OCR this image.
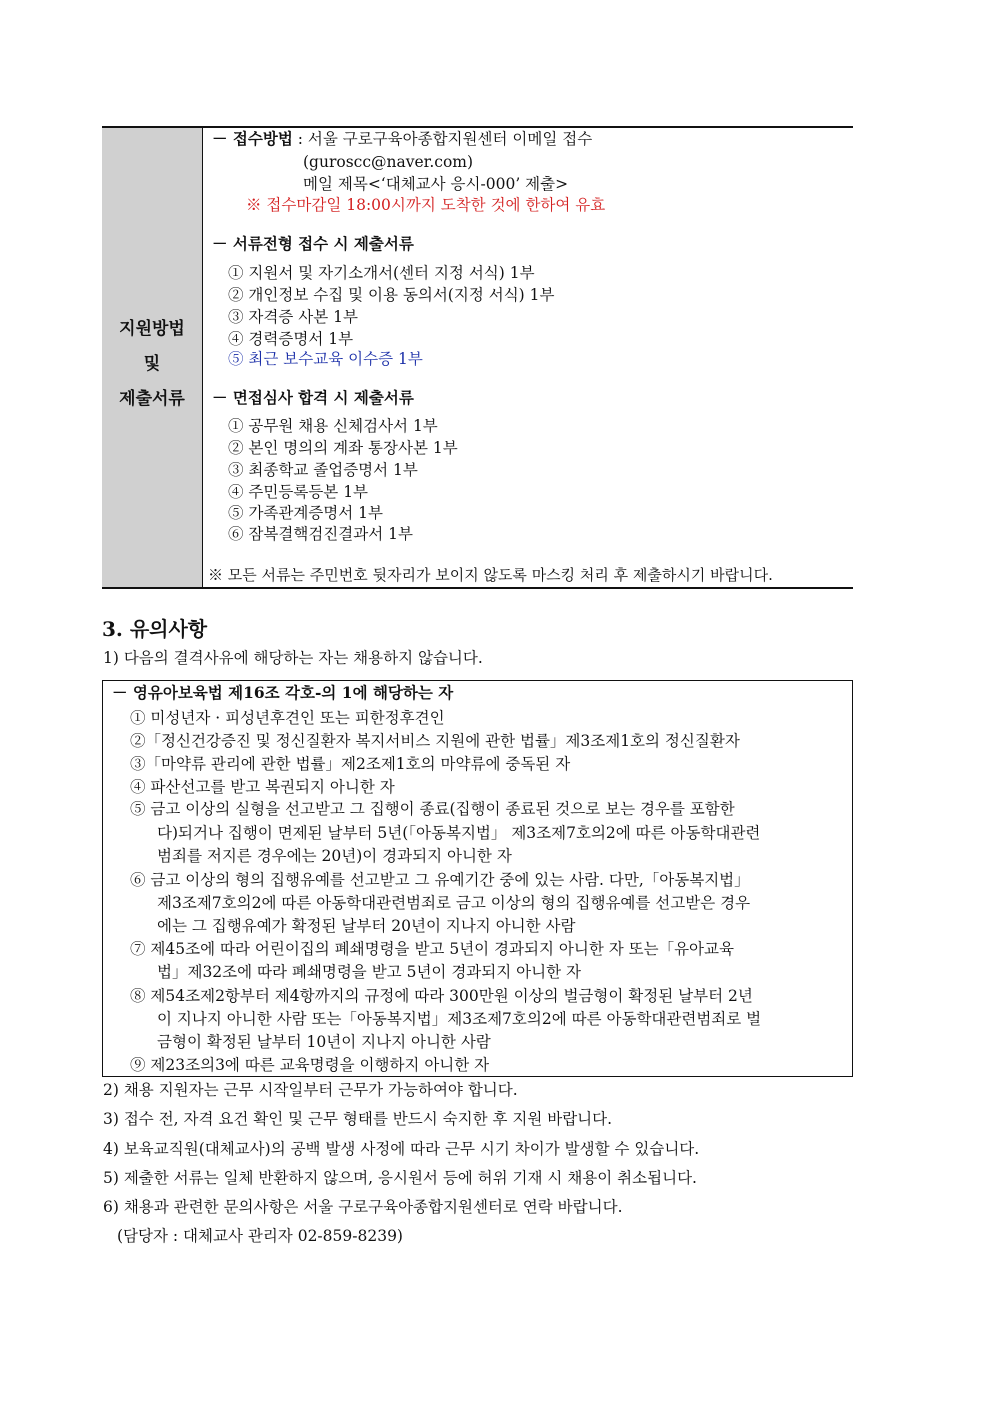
지원방법
및
제출서류
－ 접수방법 : 서울 구로구육아종합지원센터 이메일 접수
(guroscc@naver.com)
메일 제목<‘대체교사 응시-000’ 제출>
※ 접수마감일 18:00시까지 도착한 것에 한하여 유효
－ 서류전형 접수 시 제출서류
① 지원서 및 자기소개서(센터 지정 서식) 1부
② 개인정보 수집 및 이용 동의서(지정 서식) 1부
③ 자격증 사본 1부
④ 경력증명서 1부
⑤ 최근 보수교육 이수증 1부
－ 면접심사 합격 시 제출서류
① 공무원 채용 신체검사서 1부
② 본인 명의의 계좌 통장사본 1부
③ 최종학교 졸업증명서 1부
④ 주민등록등본 1부
⑤ 가족관계증명서 1부
⑥ 잠복결핵검진결과서 1부
※ 모든 서류는 주민번호 뒷자리가 보이지 않도록 마스킹 처리 후 제출하시기 바랍니다.
3. 유의사항
1) 다음의 결격사유에 해당하는 자는 채용하지 않습니다.
－ 영유아보육법 제16조 각호-의 1에 해당하는 자
① 미성년자 · 피성년후견인 또는 피한정후견인
②「정신건강증진 및 정신질환자 복지서비스 지원에 관한 법률」제3조제1호의 정신질환자
③「마약류 관리에 관한 법률」제2조제1호의 마약류에 중독된 자
④ 파산선고를 받고 복권되지 아니한 자
⑤ 금고 이상의 실형을 선고받고 그 집행이 종료(집행이 종료된 것으로 보는 경우를 포함한
다)되거나 집행이 면제된 날부터 5년(「아동복지법」 제3조제7호의2에 따른 아동학대관련
범죄를 저지른 경우에는 20년)이 경과되지 아니한 자
⑥ 금고 이상의 형의 집행유예를 선고받고 그 유예기간 중에 있는 사람. 다만,「아동복지법」
제3조제7호의2에 따른 아동학대관련범죄로 금고 이상의 형의 집행유예를 선고받은 경우
에는 그 집행유예가 확정된 날부터 20년이 지나지 아니한 사람
⑦ 제45조에 따라 어린이집의 폐쇄명령을 받고 5년이 경과되지 아니한 자 또는「유아교육
법」제32조에 따라 폐쇄명령을 받고 5년이 경과되지 아니한 자
⑧ 제54조제2항부터 제4항까지의 규정에 따라 300만원 이상의 벌금형이 확정된 날부터 2년
이 지나지 아니한 사람 또는「아동복지법」제3조제7호의2에 따른 아동학대관련범죄로 벌
금형이 확정된 날부터 10년이 지나지 아니한 사람
⑨ 제23조의3에 따른 교육명령을 이행하지 아니한 자
2) 채용 지원자는 근무 시작일부터 근무가 가능하여야 합니다.
3) 접수 전, 자격 요건 확인 및 근무 형태를 반드시 숙지한 후 지원 바랍니다.
4) 보육교직원(대체교사)의 공백 발생 사정에 따라 근무 시기 차이가 발생할 수 있습니다.
5) 제출한 서류는 일체 반환하지 않으며, 응시원서 등에 허위 기재 시 채용이 취소됩니다.
6) 채용과 관련한 문의사항은 서울 구로구육아종합지원센터로 연락 바랍니다.
(담당자 : 대체교사 관리자 02-859-8239)
